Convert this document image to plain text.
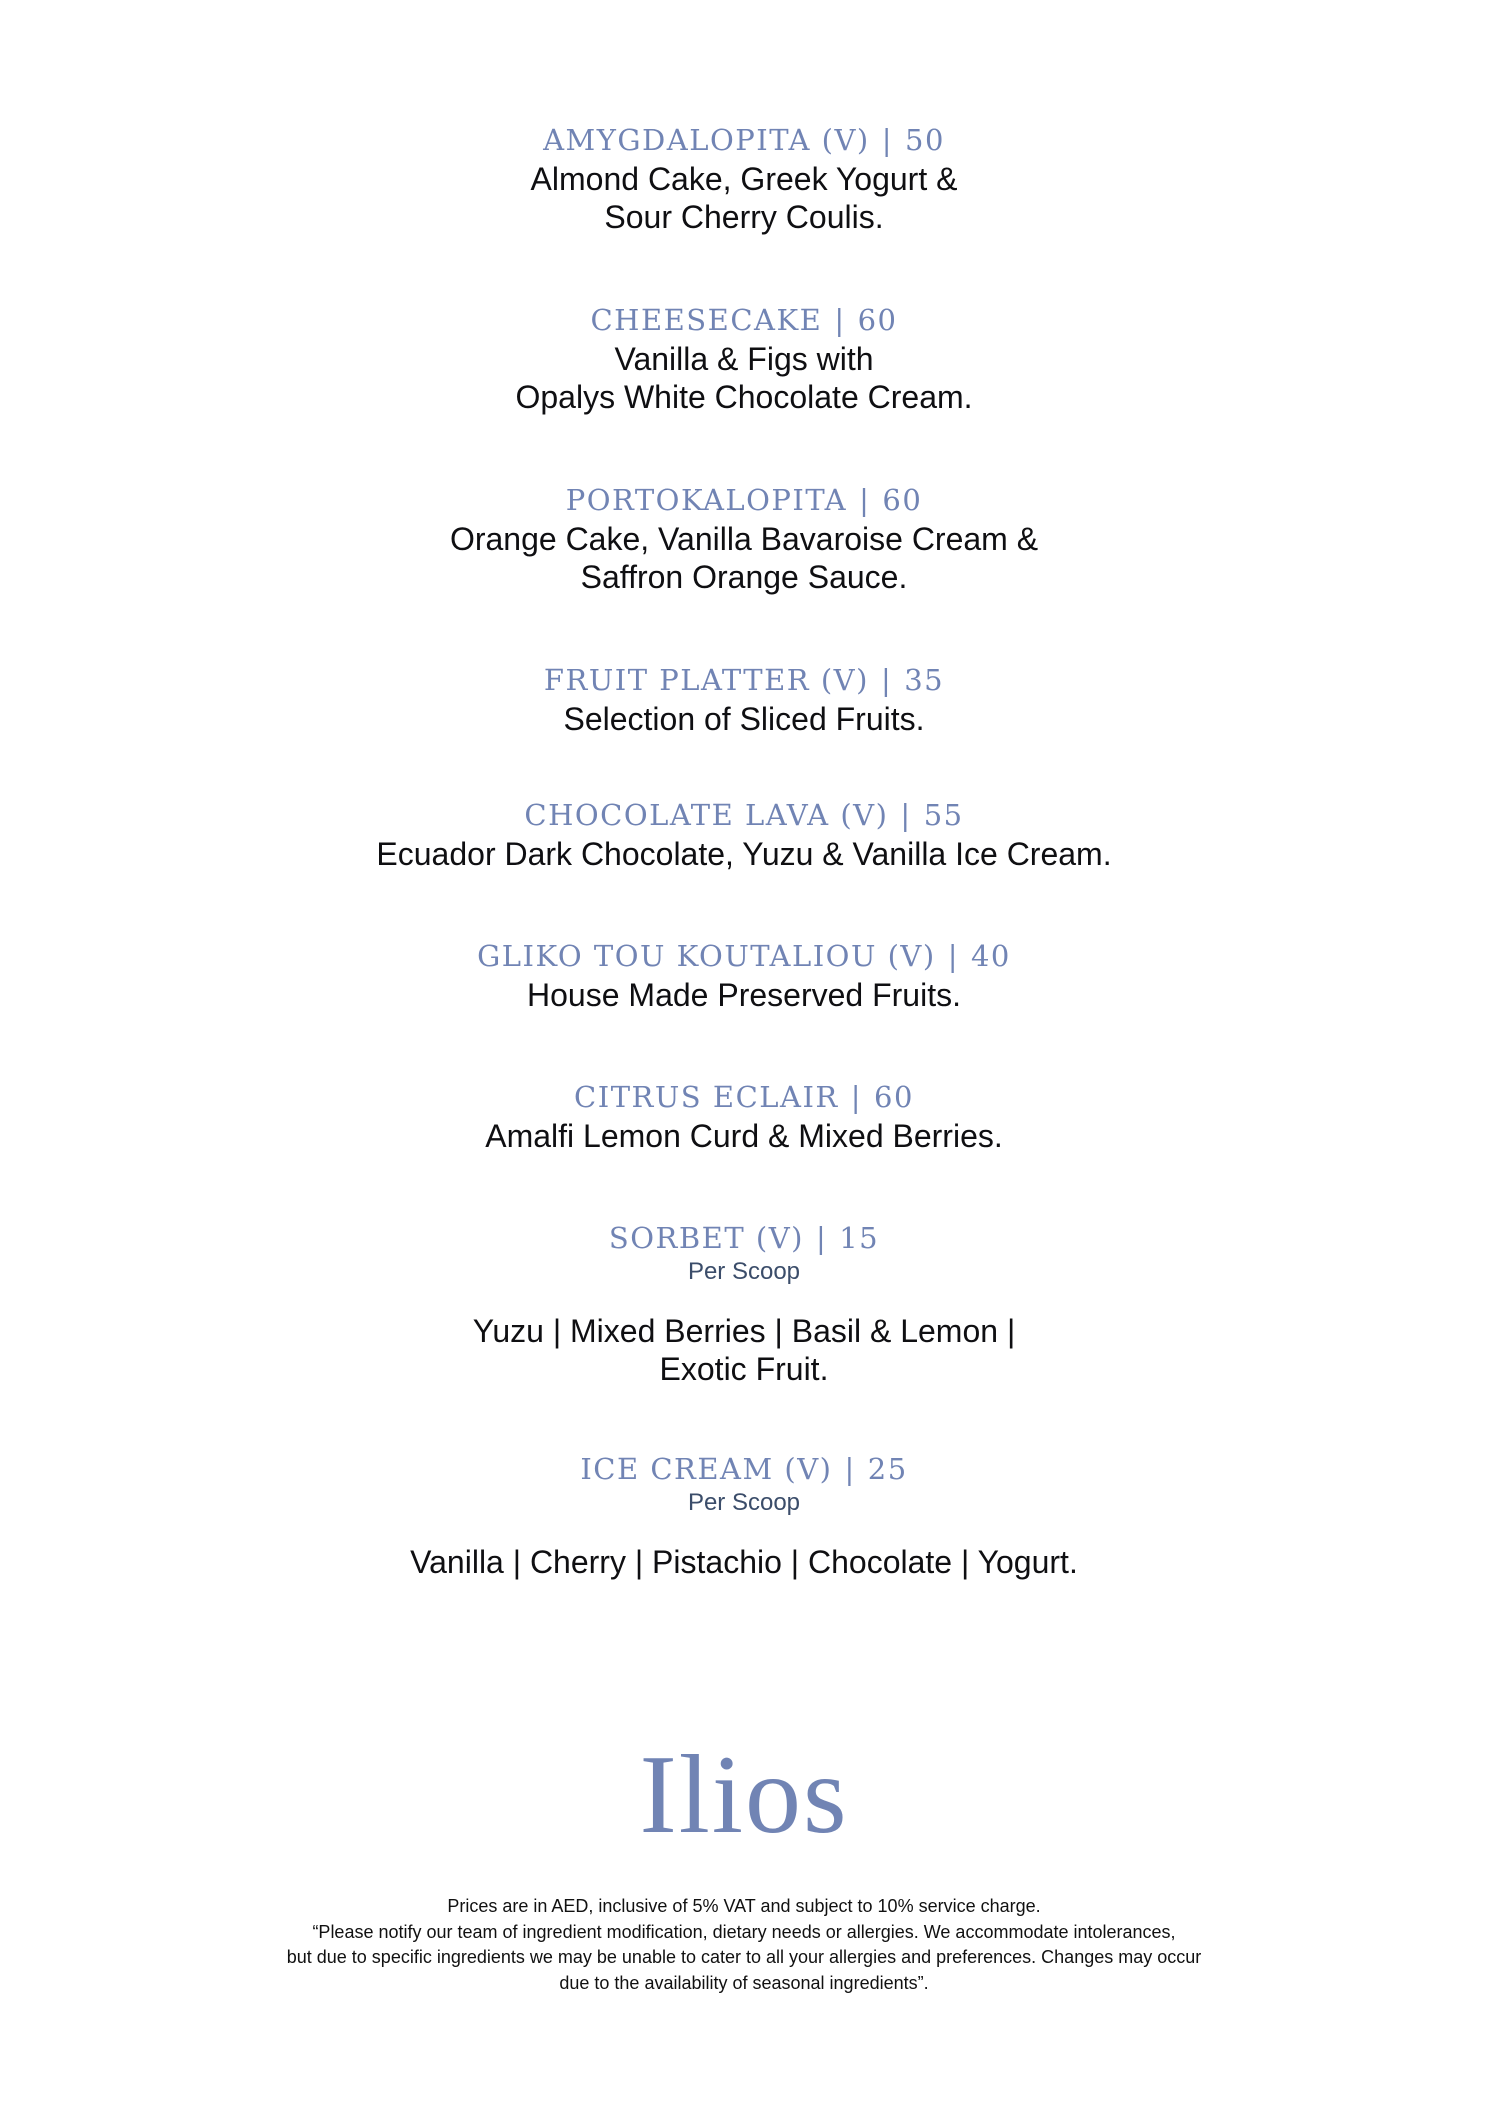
AMYGDALOPITA (V) | 50
Almond Cake, Greek Yogurt &
Sour Cherry Coulis.
CHEESECAKE | 60
Vanilla & Figs with
Opalys White Chocolate Cream.
PORTOKALOPITA | 60
Orange Cake, Vanilla Bavaroise Cream &
Saffron Orange Sauce.
FRUIT PLATTER (V) | 35
Selection of Sliced Fruits.
CHOCOLATE LAVA (V) | 55
Ecuador Dark Chocolate, Yuzu & Vanilla Ice Cream.
GLIKO TOU KOUTALIOU (V) | 40
House Made Preserved Fruits.
CITRUS ECLAIR | 60
Amalfi Lemon Curd & Mixed Berries.
SORBET (V) | 15
Per Scoop
Yuzu | Mixed Berries | Basil & Lemon |
Exotic Fruit.
ICE CREAM (V) | 25
Per Scoop
Vanilla | Cherry | Pistachio | Chocolate | Yogurt.
Ilios
Prices are in AED, inclusive of 5% VAT and subject to 10% service charge.
“Please notify our team of ingredient modification, dietary needs or allergies. We accommodate intolerances,
but due to specific ingredients we may be unable to cater to all your allergies and preferences. Changes may occur
due to the availability of seasonal ingredients”.
